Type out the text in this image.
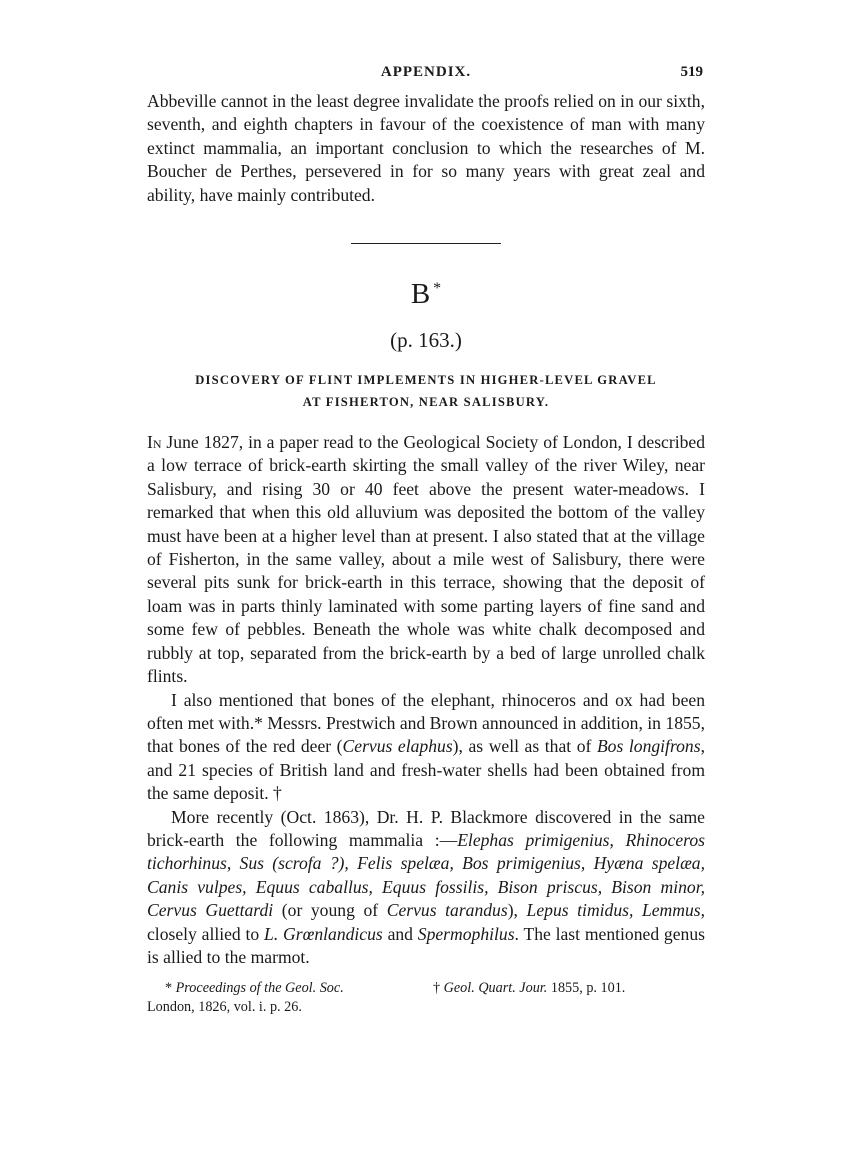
APPENDIX.	519

Abbeville cannot in the least degree invalidate the proofs relied on in our sixth, seventh, and eighth chapters in favour of the coexistence of man with many extinct mammalia, an important conclusion to which the researches of M. Boucher de Perthes, persevered in for so many years with great zeal and ability, have mainly contributed.

B *
(p. 163.)
DISCOVERY OF FLINT IMPLEMENTS IN HIGHER-LEVEL GRAVEL
AT FISHERTON, NEAR SALISBURY.

In June 1827, in a paper read to the Geological Society of London, I described a low terrace of brick-earth skirting the small valley of the river Wiley, near Salisbury, and rising 30 or 40 feet above the present water-meadows. I remarked that when this old alluvium was deposited the bottom of the valley must have been at a higher level than at present. I also stated that at the village of Fisherton, in the same valley, about a mile west of Salisbury, there were several pits sunk for brick-earth in this terrace, showing that the deposit of loam was in parts thinly laminated with some parting layers of fine sand and some few of pebbles. Beneath the whole was white chalk decomposed and rubbly at top, separated from the brick-earth by a bed of large unrolled chalk flints.

I also mentioned that bones of the elephant, rhinoceros and ox had been often met with.* Messrs. Prestwich and Brown announced in addition, in 1855, that bones of the red deer (Cervus elaphus), as well as that of Bos longifrons, and 21 species of British land and fresh-water shells had been obtained from the same deposit. †

More recently (Oct. 1863), Dr. H. P. Blackmore discovered in the same brick-earth the following mammalia :—Elephas primigenius, Rhinoceros tichorhinus, Sus (scrofa ?), Felis spelæa, Bos primigenius, Hyæna spelæa, Canis vulpes, Equus caballus, Equus fossilis, Bison priscus, Bison minor, Cervus Guettardi (or young of Cervus tarandus), Lepus timidus, Lemmus, closely allied to L. Grœnlandicus and Spermophilus. The last mentioned genus is allied to the marmot.

* Proceedings of the Geol. Soc.
London, 1826, vol. i. p. 26.
† Geol. Quart. Jour. 1855, p. 101.
